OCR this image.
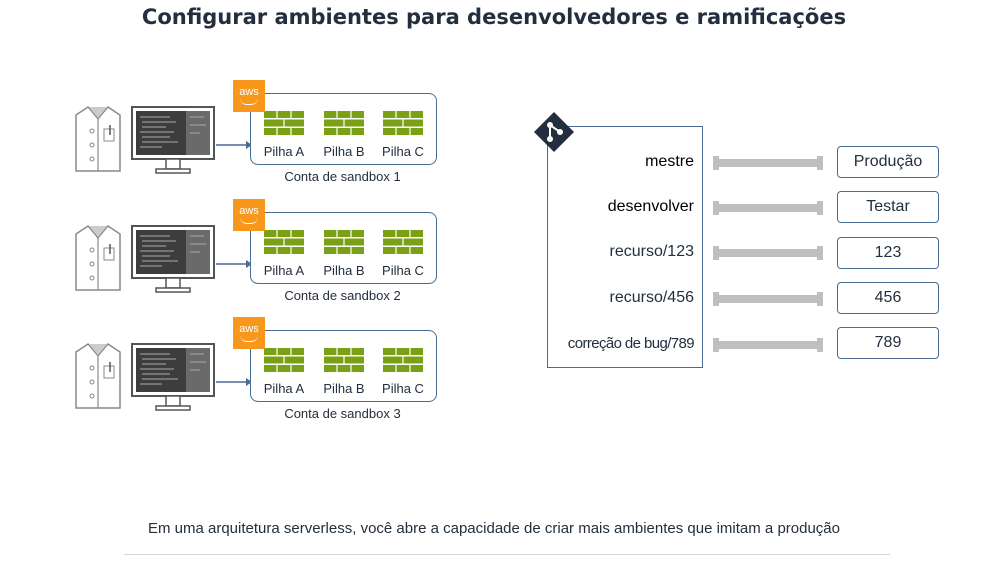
Configurar ambientes para desenvolvedores e ramificações
Pilha A	Pilha B	Pilha C
aws
Conta de sandbox 1
Pilha A	Pilha B	Pilha C
aws
Conta de sandbox 2
Pilha A	Pilha B	Pilha C
aws
Conta de sandbox 3
mestre
desenvolver
recurso/123
recurso/456
correção de bug/789
Produção
Testar
123
456
789
Em uma arquitetura serverless, você abre a capacidade de criar mais ambientes que imitam a produção
